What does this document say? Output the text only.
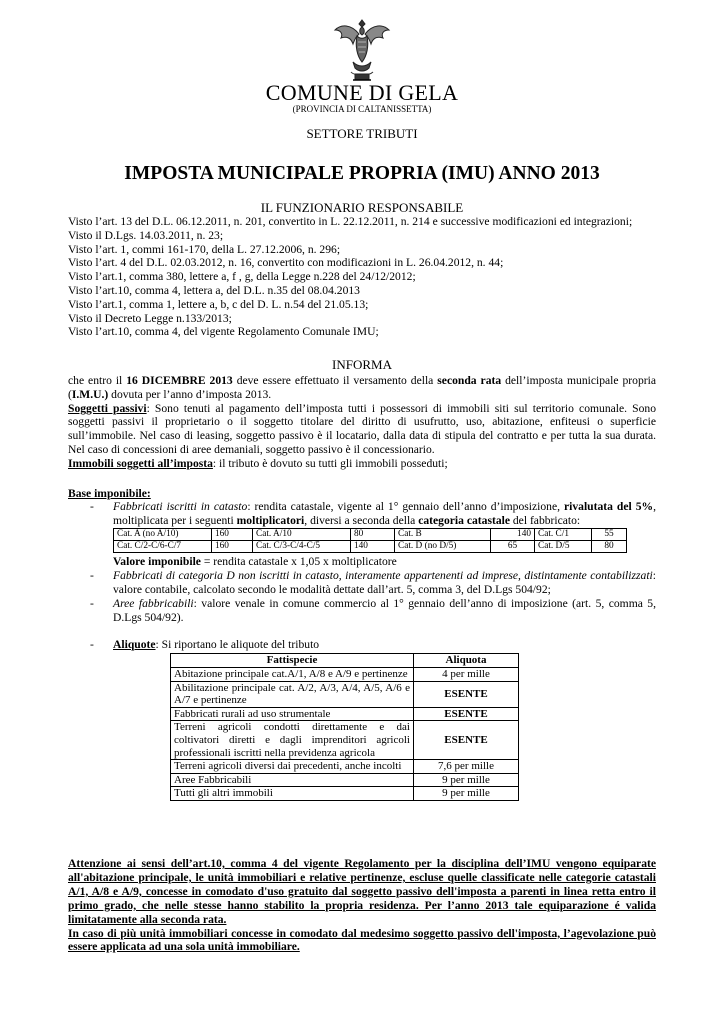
COMUNE DI GELA
(PROVINCIA DI CALTANISSETTA)
SETTORE TRIBUTI
IMPOSTA MUNICIPALE PROPRIA (IMU) ANNO 2013
IL FUNZIONARIO RESPONSABILE
Visto l’art. 13 del D.L. 06.12.2011, n. 201, convertito in L. 22.12.2011, n. 214 e successive modificazioni ed integrazioni;
Visto il D.Lgs. 14.03.2011, n. 23;
Visto l’art. 1, commi 161-170, della L. 27.12.2006, n. 296;
Visto l’art. 4 del D.L. 02.03.2012, n. 16, convertito con modificazioni in L. 26.04.2012, n. 44;
Visto l’art.1, comma 380, lettere a, f , g, della Legge n.228 del 24/12/2012;
Visto l’art.10, comma 4, lettera a, del D.L. n.35 del 08.04.2013
Visto l’art.1, comma 1, lettere a, b, c del D. L. n.54 del 21.05.13;
Visto il Decreto Legge n.133/2013;
Visto l’art.10, comma 4, del vigente Regolamento Comunale IMU;
INFORMA
che entro il 16 DICEMBRE 2013 deve essere effettuato il versamento della seconda rata dell’imposta municipale propria (I.M.U.) dovuta per l’anno d’imposta 2013.
Soggetti passivi: Sono tenuti al pagamento dell’imposta tutti i possessori di immobili siti sul territorio comunale. Sono soggetti passivi il proprietario o il soggetto titolare del diritto di usufrutto, uso, abitazione, enfiteusi o superficie sull’immobile. Nel caso di leasing, soggetto passivo è il locatario, dalla data di stipula del contratto e per tutta la sua durata. Nel caso di concessioni di aree demaniali, soggetto passivo è il concessionario.
Immobili soggetti all’imposta: il tributo è dovuto su tutti gli immobili posseduti;
Base imponibile:
- Fabbricati iscritti in catasto: rendita catastale, vigente al 1° gennaio dell’anno d’imposizione, rivalutata del 5%, moltiplicata per i seguenti moltiplicatori, diversi a seconda della categoria catastale del fabbricato:
Cat. A (no A/10)	160	Cat. A/10	80	Cat. B	140	Cat. C/1	55
Cat. C/2-C/6-C/7	160	Cat. C/3-C/4-C/5	140	Cat. D (no D/5)	65	Cat. D/5	80
Valore imponibile = rendita catastale x 1,05 x moltiplicatore
- Fabbricati di categoria D non iscritti in catasto, interamente appartenenti ad imprese, distintamente contabilizzati: valore contabile, calcolato secondo le modalità dettate dall’art. 5, comma 3, del D.Lgs 504/92;
- Aree fabbricabili: valore venale in comune commercio al 1° gennaio dell’anno di imposizione (art. 5, comma 5, D.Lgs 504/92).
- Aliquote: Si riportano le aliquote del tributo
Fattispecie	Aliquota
Abitazione principale cat.A/1, A/8 e A/9 e pertinenze	4 per mille
Abilitazione principale cat. A/2, A/3, A/4, A/5, A/6 e A/7 e pertinenze	ESENTE
Fabbricati rurali ad uso strumentale	ESENTE
Terreni agricoli condotti direttamente e dai coltivatori diretti e dagli imprenditori agricoli professionali iscritti nella previdenza agricola	ESENTE
Terreni agricoli diversi dai precedenti, anche incolti	7,6 per mille
Aree Fabbricabili	9 per mille
Tutti gli altri immobili	9 per mille
Attenzione ai sensi dell’art.10, comma 4 del vigente Regolamento per la disciplina dell’IMU vengono equiparate all'abitazione principale, le unità immobiliari e relative pertinenze, escluse quelle classificate nelle categorie catastali A/1, A/8 e A/9, concesse in comodato d'uso gratuito dal soggetto passivo dell'imposta a parenti in linea retta entro il primo grado, che nelle stesse hanno stabilito la propria residenza. Per l’anno 2013 tale equiparazione é valida limitatamente alla seconda rata.
In caso di più unità immobiliari concesse in comodato dal medesimo soggetto passivo dell'imposta, l’agevolazione può essere applicata ad una sola unità immobiliare.
